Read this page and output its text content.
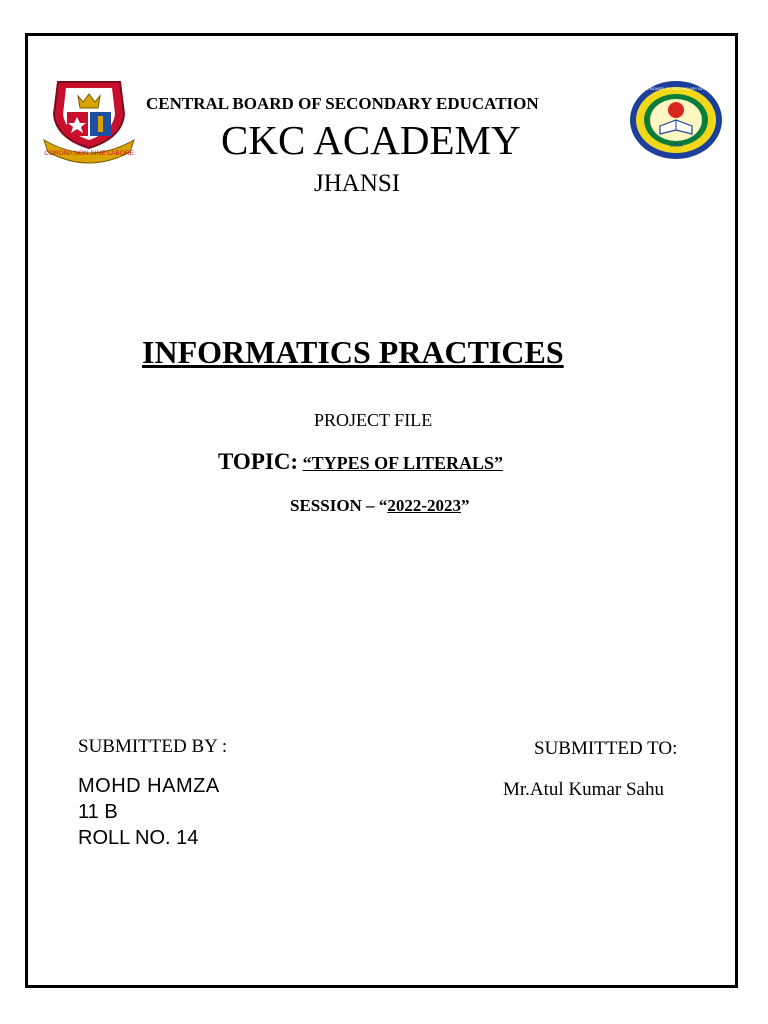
CORONA NON SINE LABORE
CENTRAL BOARD OF SECONDARY EDUCATION
INDIA
CENTRAL BOARD OF SECONDARY EDUCATION
CKC ACADEMY
JHANSI
INFORMATICS PRACTICES
PROJECT FILE
TOPIC: “TYPES OF LITERALS”
SESSION – “2022-2023”
SUBMITTED BY :
MOHD HAMZA
11 B
ROLL NO. 14
SUBMITTED TO:
Mr.Atul Kumar Sahu
